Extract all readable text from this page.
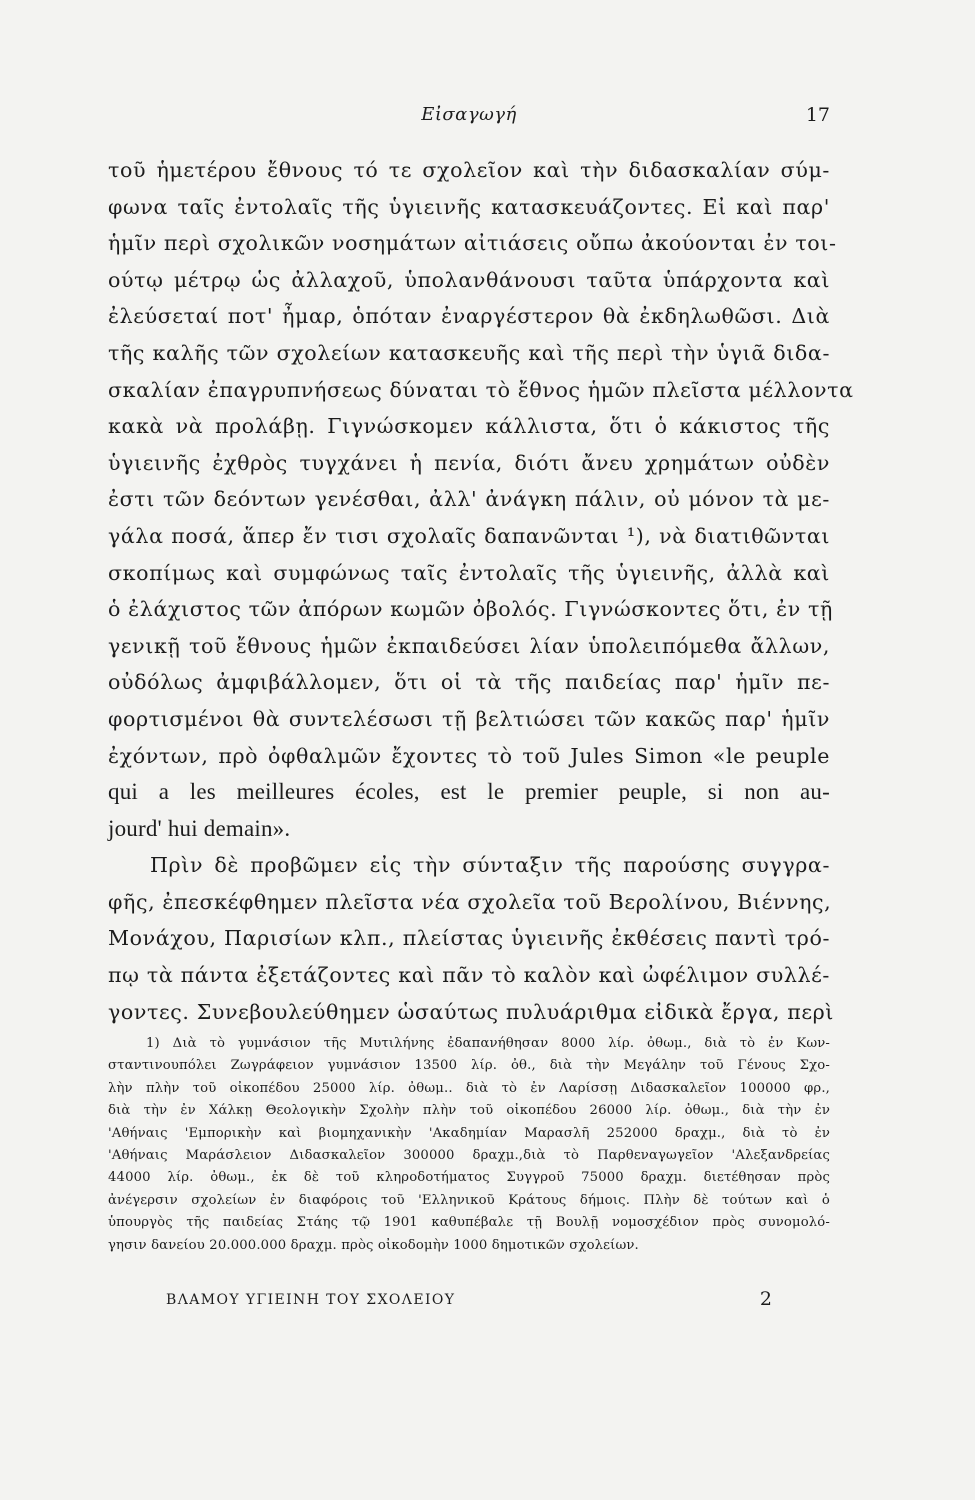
Εἰσαγωγή	17
τοῦ ἡμετέρου ἔθνους τό τε σχολεῖον καὶ τὴν διδασκαλίαν σύμ-
φωνα ταῖς ἐντολαῖς τῆς ὑγιεινῆς κατασκευάζοντες. Εἰ καὶ παρ'
ἡμῖν περὶ σχολικῶν νοσημάτων αἰτιάσεις οὔπω ἀκούονται ἐν τοι-
ούτῳ μέτρῳ ὡς ἀλλαχοῦ, ὑπολανθάνουσι ταῦτα ὑπάρχοντα καὶ
ἐλεύσεταί ποτ' ἦμαρ, ὁπόταν ἐναργέστερον θὰ ἐκδηλωθῶσι. Διὰ
τῆς καλῆς τῶν σχολείων κατασκευῆς καὶ τῆς περὶ τὴν ὑγιᾶ διδα-
σκαλίαν ἐπαγρυπνήσεως δύναται τὸ ἔθνος ἡμῶν πλεῖστα μέλλοντα
κακὰ νὰ προλάβῃ. Γιγνώσκομεν κάλλιστα, ὅτι ὁ κάκιστος τῆς
ὑγιεινῆς ἐχθρὸς τυγχάνει ἡ πενία, διότι ἄνευ χρημάτων οὐδὲν
ἐστι τῶν δεόντων γενέσθαι, ἀλλ' ἀνάγκη πάλιν, οὐ μόνον τὰ με-
γάλα ποσά, ἅπερ ἔν τισι σχολαῖς δαπανῶνται ¹), νὰ διατιθῶνται
σκοπίμως καὶ συμφώνως ταῖς ἐντολαῖς τῆς ὑγιεινῆς, ἀλλὰ καὶ
ὁ ἐλάχιστος τῶν ἀπόρων κωμῶν ὀβολός. Γιγνώσκοντες ὅτι, ἐν τῇ
γενικῇ τοῦ ἔθνους ἡμῶν ἐκπαιδεύσει λίαν ὑπολειπόμεθα ἄλλων,
οὐδόλως ἀμφιβάλλομεν, ὅτι οἱ τὰ τῆς παιδείας παρ' ἡμῖν πε-
φορτισμένοι θὰ συντελέσωσι τῇ βελτιώσει τῶν κακῶς παρ' ἡμῖν
ἐχόντων, πρὸ ὀφθαλμῶν ἔχοντες τὸ τοῦ Jules Simon «le peuple
qui a les meilleures écoles, est le premier peuple, si non au-
jourd' hui demain».
Πρὶν δὲ προβῶμεν εἰς τὴν σύνταξιν τῆς παρούσης συγγρα-
φῆς, ἐπεσκέφθημεν πλεῖστα νέα σχολεῖα τοῦ Βερολίνου, Βιέννης,
Μονάχου, Παρισίων κλπ., πλείστας ὑγιεινῆς ἐκθέσεις παντὶ τρό-
πῳ τὰ πάντα ἐξετάζοντες καὶ πᾶν τὸ καλὸν καὶ ὠφέλιμον συλλέ-
γοντες. Συνεβουλεύθημεν ὡσαύτως πυλυάριθμα εἰδικὰ ἔργα, περὶ
1) Διὰ τὸ γυμνάσιον τῆς Μυτιλήνης ἐδαπανήθησαν 8000 λίρ. ὀθωμ., διὰ τὸ ἐν Κων-
σταντινουπόλει Ζωγράφειον γυμνάσιον 13500 λίρ. ὀθ., διὰ τὴν Μεγάλην τοῦ Γένους Σχο-
λὴν πλὴν τοῦ οἰκοπέδου 25000 λίρ. ὀθωμ.. διὰ τὸ ἐν Λαρίσσῃ Διδασκαλεῖον 100000 φρ.,
διὰ τὴν ἐν Χάλκῃ Θεολογικὴν Σχολὴν πλὴν τοῦ οἰκοπέδου 26000 λίρ. ὀθωμ., διὰ τὴν ἐν
'Αθήναις 'Εμπορικὴν καὶ βιομηχανικὴν 'Ακαδημίαν Μαρασλῆ 252000 δραχμ., διὰ τὸ ἐν
'Αθήναις Μαράσλειον Διδασκαλεῖον 300000 δραχμ.,διὰ τὸ Παρθεναγωγεῖον 'Αλεξανδρείας
44000 λίρ. ὀθωμ., ἐκ δὲ τοῦ κληροδοτήματος Συγγροῦ 75000 δραχμ. διετέθησαν πρὸς
ἀνέγερσιν σχολείων ἐν διαφόροις τοῦ 'Ελληνικοῦ Κράτους δήμοις. Πλὴν δὲ τούτων καὶ ὁ
ὑπουργὸς τῆς παιδείας Στάης τῷ 1901 καθυπέβαλε τῇ Βουλῇ νομοσχέδιον πρὸς συνομολό-
γησιν δανείου 20.000.000 δραχμ. πρὸς οἰκοδομὴν 1000 δημοτικῶν σχολείων.
ΒΛΑΜΟΥ ΥΓΙΕΙΝΗ ΤΟΥ ΣΧΟΛΕΙΟΥ	2
